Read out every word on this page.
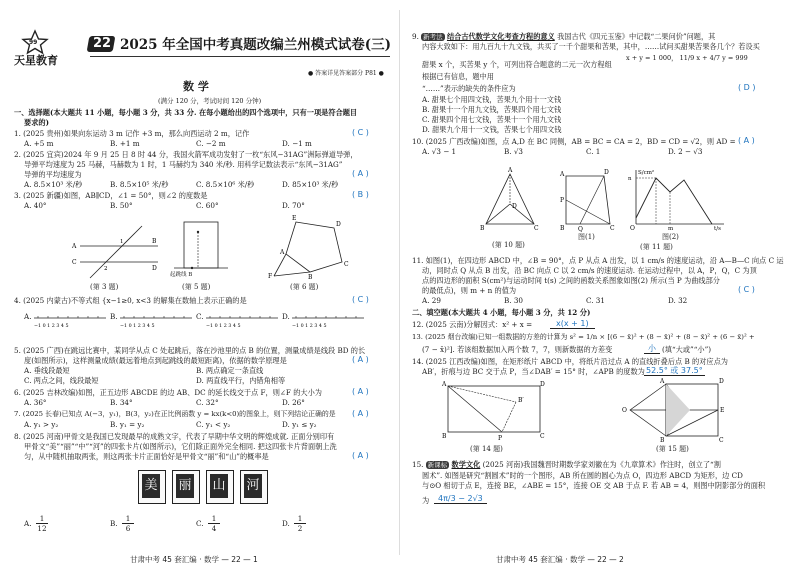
99
天星教育
22 2025 年全国中考真题改编兰州模式试卷(三)
● 答案详见答案部分 P81 ●
数 学
(满分 120 分，考试时间 120 分钟)
一、选择题(本大题共 11 小题，每小题 3 分，共 33 分. 在每小题给出的四个选项中，只有一项是符合题目
要求的)
1. (2025 贵州)如果向东运动 3 m 记作 +3 m，那么向西运动 2 m，记作	( C )
A. +5 m	B. +1 m	C. −2 m	D. −1 m
2. (2025 宜宾)2024 年 9 月 25 日 8 时 44 分，我国火箭军成功发射了一枚“东风−31AG”洲际弹道导弹，
导弹平均速度为 25 马赫，马赫数为 1 时，1 马赫约为 340 米/秒. 用科学记数法表示“东风−31AG”
导弹的平均速度为	( A )
A. 8.5×10³ 米/秒	B. 8.5×10⁵ 米/秒	C. 8.5×10⁶ 米/秒	D. 85×10³ 米/秒
3. (2025 新疆)如图，AB∥CD，∠1 = 50°，则∠2 的度数是	( B )
A. 40°	B. 50°	C. 60°	D. 70°
A
B
C
D
1
2
(第 3 题)
起跳线 B
(第 5 题)
E
D
C
A
B
F
(第 6 题)
4. (2025 内蒙古)不等式组 {x−1≥0, x<3 的解集在数轴上表示正确的是	( C )
5. (2025 广西)在跳远比赛中，某同学从点 C 处起跳后，落在沙池里的点 B 的位置，测量成绩是线段 BD 的长
度(如图所示)，这样测量成绩(最远着地点到起跳线的最短距离)，依据的数学原理是	( A )
A. 垂线段最短	B. 两点确定一条直线
C. 两点之间，线段最短	D. 两直线平行，内错角相等
6. (2025 吉林改编)如图，正五边形 ABCDE 的边 AB、DC 的延长线交于点 F，则∠F 的大小为	( A )
A. 36°	B. 34°	C. 32°	D. 26°
7. (2025 长春)已知点 A(−3，y₁)，B(3，y₂)在正比例函数 y = kx(k<0)的图象上，则下列结论正确的是 ( A )
A. y₁ > y₂	B. y₁ = y₂	C. y₁ < y₂	D. y₁ ≤ y₂
8. (2025 河南)甲骨文是我国已发现最早的成熟文字，代表了早期中华文明的辉煌成就. 正面分别印有
甲骨文“美”“丽”“中”“河”的四张卡片(如图所示)，它们除正面外完全相同. 把这四张卡片背面朝上洗
匀，从中随机抽取两张，则这两张卡片正面恰好是甲骨文“丽”和“山”的概率是	( A )
甘肃中考 45 套汇编 · 数学 — 22 — 1
A.
−1 0 1 2 3 4 5
B.
−1 0 1 2 3 4 5
C.
−1 0 1 2 3 4 5
D.
−1 0 1 2 3 4 5
美 丽 山 河
A.
1
12
B.
1
6
C.
1
4
D.
1
2
9. 新考法 结合古代数学文化考查方程的意义 我国古代《四元玉鉴》中记载“二果问价”问题，其
内容大致如下：用九百九十九文钱，共买了一千个甜果和苦果，其中，……试问买甜果苦果各几个？若设买
甜果 x 个，买苦果 y 个，可列出符合题意的二元一次方程组
x + y = 1 000， 11/9 x + 4/7 y = 999
根据已有信息，题中用
“……”表示的缺失的条件应为	( D )
A. 甜果七个用四文钱，苦果九个用十一文钱
B. 甜果十一个用九文钱，苦果四个用七文钱
C. 甜果四个用七文钱，苦果十一个用九文钱
D. 甜果九个用十一文钱，苦果七个用四文钱
10. (2025 广西改编)如图，点 A,D 在 BC 同侧，AB = BC = CA = 2，BD = CD = √2，则 AD = ( A )
A. √3 − 1	B. √3	C. 1	D. 2 − √3
A
B	C
D
(第 10 题)
A	D
B	C
P
Q
图(1)
O
S/cm²
t/s
m
n
图(2)
(第 11 题)
11. 如图(1)，在四边形 ABCD 中，∠B = 90°，点 P 从点 A 出发，以 1 cm/s 的速度运动，沿 A—B—C 向点 C 运
动，同时点 Q 从点 B 出发，沿 BC 向点 C 以 2 cm/s 的速度运动. 在运动过程中，以 A，P，Q，C 为顶
点的四边形的面积 S(cm²)与运动时间 t(s) 之间的函数关系图象如图(2) 所示(当 P 为曲线部分
的最低点)，则 m + n 的值为	( C )
A. 29	B. 30	C. 31	D. 32
二、填空题(本大题共 4 小题，每小题 3 分，共 12 分)
12. (2025 云南)分解因式：x² + x =	x(x + 1)
13. (2025 烟台改编)已知一组数据的方差的计算为 s² = 1/n × [(6 − x̄)² + (8 − x̄)² + (8 − x̄)² + (6 − x̄)² +
(7 − x̄)²]. 若该组数据加入两个数 7，7，则新数据的方差变	小 (填“大或”“小”)
14. (2025 江西改编)如图，在矩形纸片 ABCD 中，将纸片沿过点 A 的直线折叠后点 B 的对应点为
AB′，折痕与边 BC 交于点 P，当∠DAB′ = 15° 时，∠APB 的度数为 52.5° 或 37.5°
A	D
B	C
P
B′
(第 14 题)
O
A
B
D
C
E
(第 15 题)
15. 新课标 数学文化 (2025 河南)我国魏晋时期数学家刘徽在为《九章算术》作注时，创立了“割
圆术”. 如图是研究“割圆术”时的一个图形，AB 所在圆的圆心为点 O，四边形 ABCD 为矩形，边 CD
与⊙O 相切于点 E，连接 BE，∠ABE = 15°，连接 OE 交 AB 于点 F. 若 AB = 4，则图中阴影部分的面积
为	4π/3 − 2√3
甘肃中考 45 套汇编 · 数学 — 22 — 2
